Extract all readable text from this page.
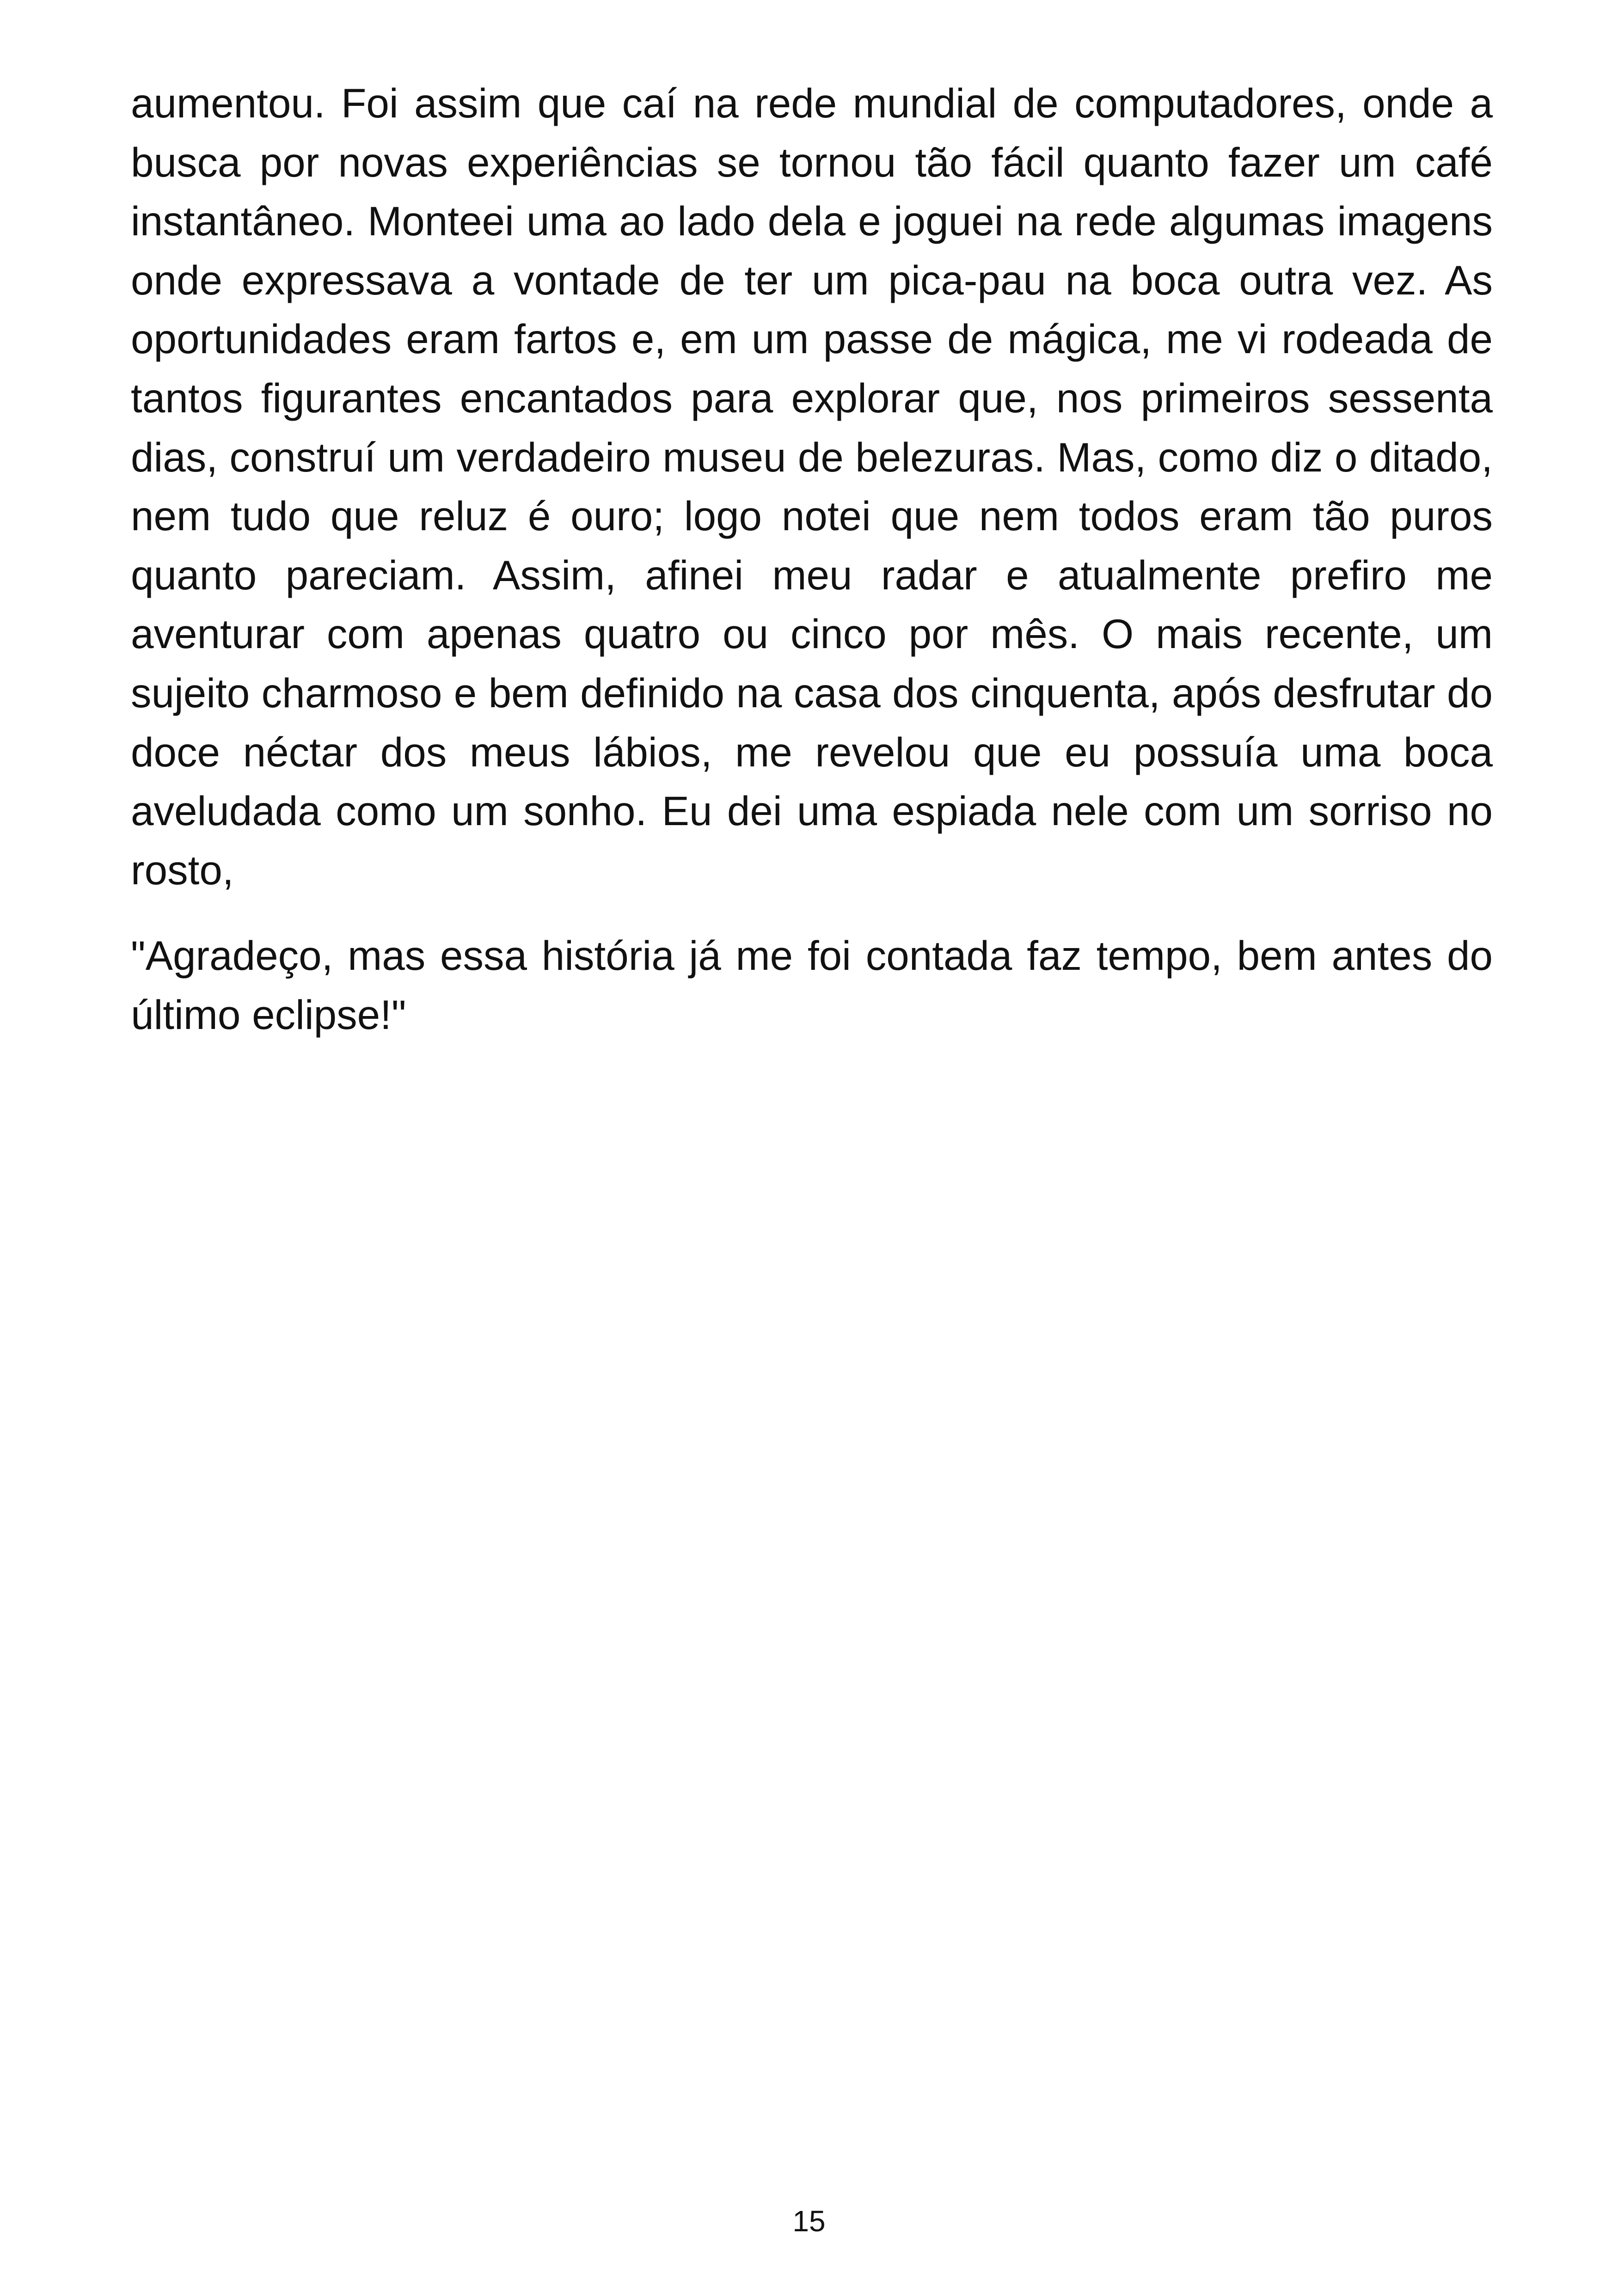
aumentou. Foi assim que caí na rede mundial de computadores, onde a busca por novas experiências se tornou tão fácil quanto fazer um café instantâneo. Monteei uma ao lado dela e joguei na rede algumas imagens onde expressava a vontade de ter um pica-pau na boca outra vez. As oportunidades eram fartos e, em um passe de mágica, me vi rodeada de tantos figurantes encantados para explorar que, nos primeiros sessenta dias, construí um verdadeiro museu de belezuras. Mas, como diz o ditado, nem tudo que reluz é ouro; logo notei que nem todos eram tão puros quanto pareciam. Assim, afinei meu radar e atualmente prefiro me aventurar com apenas quatro ou cinco por mês. O mais recente, um sujeito charmoso e bem definido na casa dos cinquenta, após desfrutar do doce néctar dos meus lábios, me revelou que eu possuía uma boca aveludada como um sonho. Eu dei uma espiada nele com um sorriso no rosto,

"Agradeço, mas essa história já me foi contada faz tempo, bem antes do último eclipse!"

15
